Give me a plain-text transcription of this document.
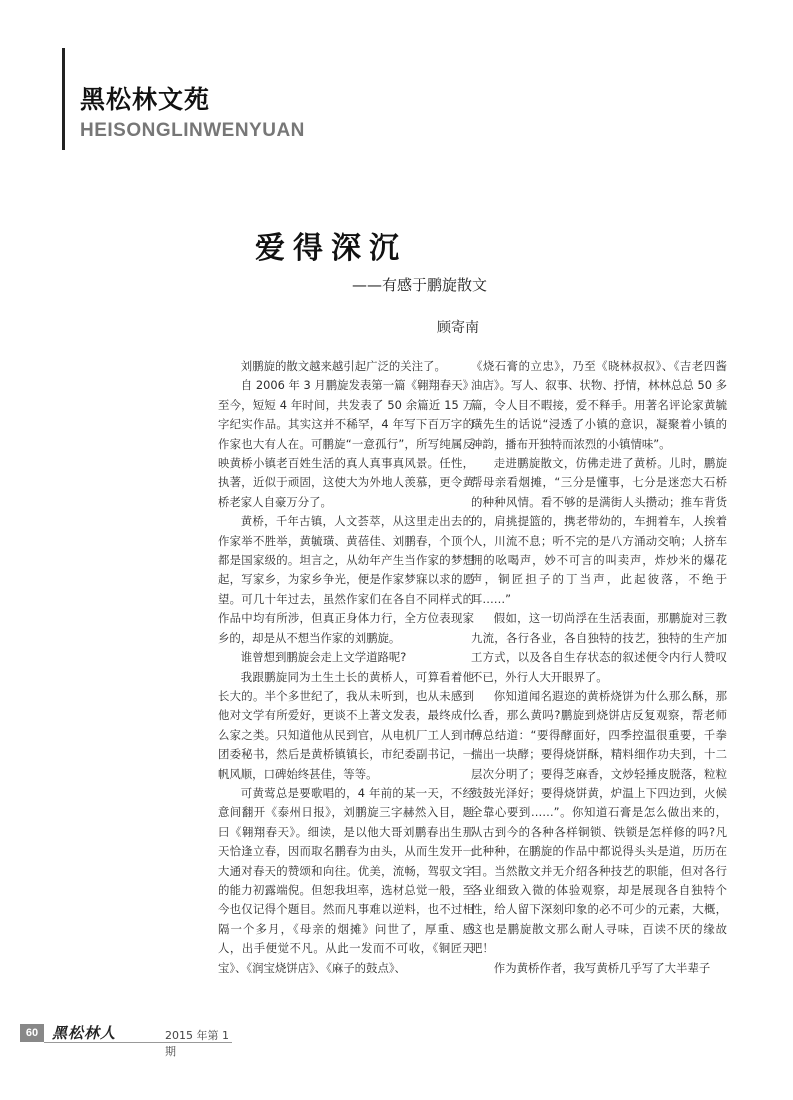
黑松林文苑
HEISONGLINWENYUAN
爱得深沉
——有感于鹏旋散文
顾寄南

刘鹏旋的散文越来越引起广泛的关注了。

自 2006 年 3 月鹏旋发表第一篇《翱翔春天》至今，短短 4 年时间，共发表了 50 余篇近 15 万字纪实作品。其实这并不稀罕，4 年写下百万字的作家也大有人在。可鹏旋“一意孤行”，所写纯属反映黄桥小镇老百姓生活的真人真事真风景。任性，执著，近似于顽固，这使大为外地人羡慕，更令黄桥老家人自豪万分了。

黄桥，千年古镇，人文荟萃，从这里走出去的作家举不胜举，黄毓璜、黄蓓佳、刘鹏春，个顶个都是国家级的。坦言之，从幼年产生当作家的梦想起，写家乡，为家乡争光，便是作家梦寐以求的愿望。可几十年过去，虽然作家们在各自不同样式的作品中均有所涉，但真正身体力行，全方位表现家乡的，却是从不想当作家的刘鹏旋。

谁曾想到鹏旋会走上文学道路呢?

我跟鹏旋同为土生土长的黄桥人，可算看着他长大的。半个多世纪了，我从未听到，也从未感到他对文学有所爱好，更谈不上著文发表，最终成什么家之类。只知道他从民到官，从电机厂工人到市团委秘书，然后是黄桥镇镇长，市纪委副书记，一帆风顺，口碑始终甚佳，等等。

可黄莺总是要歌唱的，4 年前的某一天，不经意间翻开《泰州日报》，刘鹏旋三字赫然入目，题曰《翱翔春天》。细读，是以他大哥刘鹏春出生那天恰逢立春，因而取名鹏春为由头，从而生发开一大通对春天的赞颂和向往。优美，流畅，驾驭文字的能力初露端倪。但恕我坦率，选材总觉一般，至今也仅记得个题目。然而凡事难以逆料，也不过相隔一个多月，《母亲的烟摊》问世了，厚重、感人，出手便觉不凡。从此一发而不可收，《铜匠天宝》、《润宝烧饼店》、《麻子的鼓点》、

《烧石膏的立忠》，乃至《晓林叔叔》、《吉老四酱油店》。写人、叙事、状物、抒情，林林总总 50 多篇，令人目不暇接，爱不释手。用著名评论家黄毓璜先生的话说“浸透了小镇的意识，凝聚着小镇的神韵，播布开独特而浓烈的小镇情味”。

走进鹏旋散文，仿佛走进了黄桥。儿时，鹏旋帮母亲看烟摊，“三分是懂事，七分是迷恋大石桥的种种风情。看不够的是满街人头攒动；推车背货的，肩挑提篮的，携老带幼的，车拥着车，人挨着人，川流不息；听不完的是八方涌动交响；人挤车拥的吆喝声，妙不可言的叫卖声，炸炒米的爆花声，铜匠担子的丁当声，此起彼落，不绝于耳……”

假如，这一切尚浮在生活表面，那鹏旋对三教九流，各行各业，各自独特的技艺，独特的生产加工方式，以及各自生存状态的叙述便令内行人赞叹不已，外行人大开眼界了。

你知道闻名遐迩的黄桥烧饼为什么那么酥，那么香，那么黄吗?鹏旋到烧饼店反复观察，帮老师傅总结道：“要得酵面好，四季控温很重要，千拳揣出一块酵；要得烧饼酥，精料细作功夫到，十二层次分明了；要得芝麻香，文炒轻捶皮脱落，粒粒鼓鼓光泽好；要得烧饼黄，炉温上下四边到，火候全靠心要到……”。你知道石膏是怎么做出来的，从古到今的各种各样铜锁、铁锁是怎样修的吗?凡此种种，在鹏旋的作品中都说得头头是道，历历在目。当然散文并无介绍各种技艺的职能，但对各行各业细致入微的体验观察，却是展现各自独特个性，给人留下深刻印象的必不可少的元素，大概，这也是鹏旋散文那么耐人寻味，百读不厌的缘故吧！

作为黄桥作者，我写黄桥几乎写了大半辈子

60 黑松林人	2015 年第 1 期
